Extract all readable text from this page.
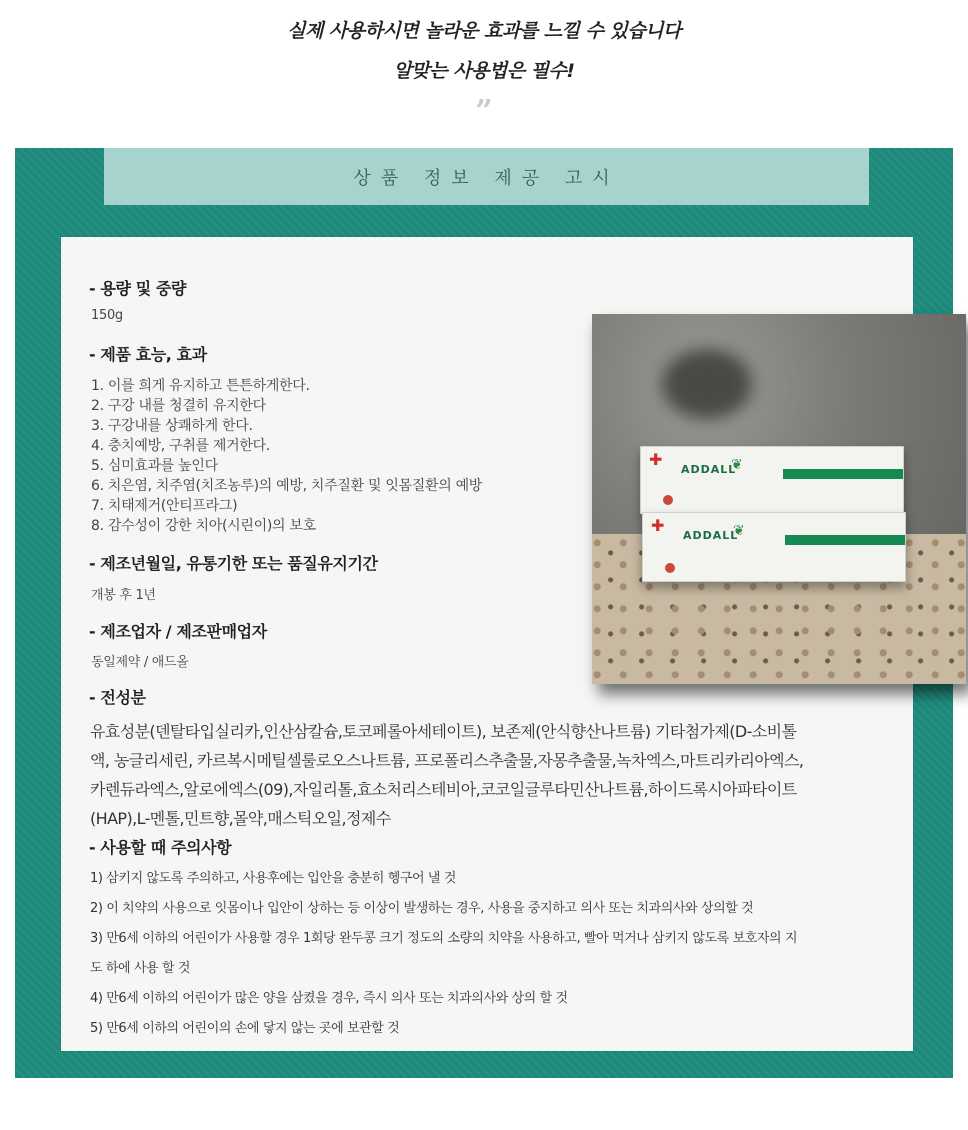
실제 사용하시면 놀라운 효과를 느낄 수 있습니다
알맞는 사용법은 필수!
”
상품 정보 제공 고시
✚
ADDALL
❦
✚
ADDALL
❦
- 용량 및 중량
150g
- 제품 효능, 효과
1. 이를 희게 유지하고 튼튼하게한다.
2. 구강 내를 청결히 유지한다
3. 구강내를 상쾌하게 한다.
4. 충치예방, 구취를 제거한다.
5. 심미효과를 높인다
6. 치은염, 치주염(치조농루)의 예방, 치주질환 및 잇몸질환의 예방
7. 치태제거(안티프라그)
8. 감수성이 강한 치아(시린이)의 보호
- 제조년월일, 유통기한 또는 품질유지기간
개봉 후 1년
- 제조업자 / 제조판매업자
동일제약 / 애드올
- 전성분
유효성분(덴탈타입실리카,인산삼칼슘,토코페롤아세테이트), 보존제(안식향산나트륨) 기타첨가제(D-소비톨
액, 농글리세린, 카르복시메틸셀룰로오스나트륨, 프로폴리스추출물,자몽추출물,녹차엑스,마트리카리아엑스,
카렌듀라엑스,알로에엑스(09),자일리톨,효소처리스테비아,코코일글루타민산나트륨,하이드록시아파타이트
(HAP),L-멘톨,민트향,몰약,매스틱오일,정제수
- 사용할 때 주의사항
1) 삼키지 않도록 주의하고, 사용후에는 입안을 충분히 헹구어 낼 것
2) 이 치약의 사용으로 잇몸이나 입안이 상하는 등 이상이 발생하는 경우, 사용을 중지하고 의사 또는 치과의사와 상의할 것
3) 만6세 이하의 어린이가 사용할 경우 1회당 완두콩 크기 정도의 소량의 치약을 사용하고, 빨아 먹거나 삼키지 않도록 보호자의 지
도 하에 사용 할 것
4) 만6세 이하의 어린이가 많은 양을 삼켰을 경우, 즉시 의사 또는 치과의사와 상의 할 것
5) 만6세 이하의 어린이의 손에 닿지 않는 곳에 보관할 것
